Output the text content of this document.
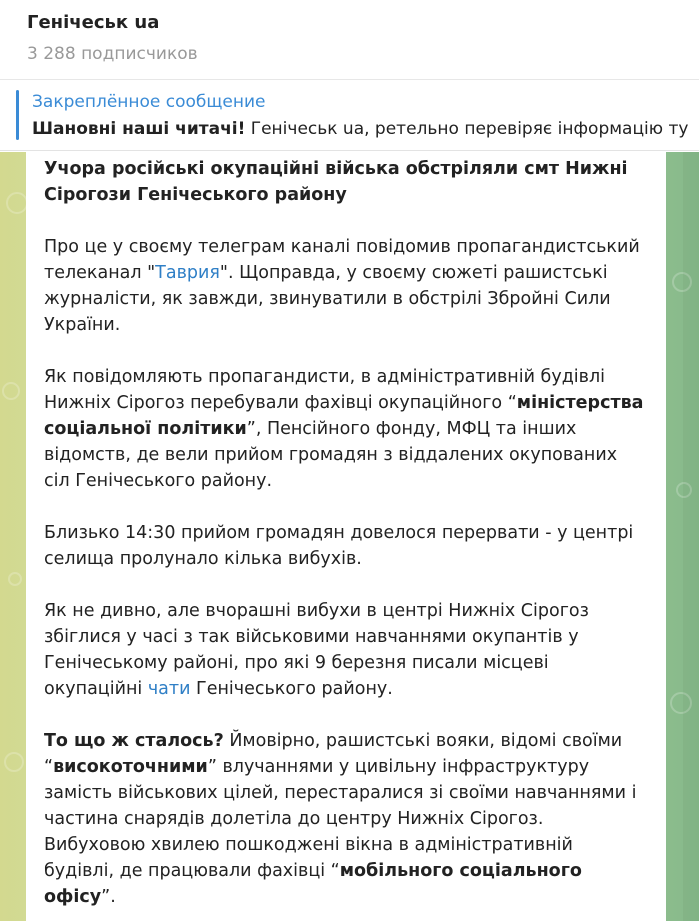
Генічеськ ua
3 288 подписчиков
Закреплённое сообщение
Шановні наші читачі! Генічеськ ua, ретельно перевіряє інформацію ту
Учора російські окупаційні війська обстріляли смт Нижні Сірогози Генічеського району
Про це у своєму телеграм каналі повідомив пропагандистський телеканал "Таврия". Щоправда, у своєму сюжеті рашистські журналісти, як завжди, звинуватили в обстрілі Збройні Сили України.
Як повідомляють пропагандисти, в адміністративній будівлі Нижніх Сірогоз перебували фахівці окупаційного “міністерства соціальної політики”, Пенсійного фонду, МФЦ та інших відомств, де вели прийом громадян з віддалених окупованих сіл Генічеського району.
Близько 14:30 прийом громадян довелося перервати - у центрі селища пролунало кілька вибухів.
Як не дивно, але вчорашні вибухи в центрі Нижніх Сірогоз збіглися у часі з так військовими навчаннями окупантів у Генічеському районі, про які 9 березня писали місцеві окупаційні чати Генічеського району.
То що ж сталось? Ймовірно, рашистські вояки, відомі своїми “високоточними” влучаннями у цивільну інфраструктуру замість військових цілей, перестаралися зі своїми навчаннями і частина снарядів долетіла до центру Нижніх Сірогоз. Вибуховою хвилею пошкоджені вікна в адміністративній будівлі, де працювали фахівці “мобільного соціального офісу”.
